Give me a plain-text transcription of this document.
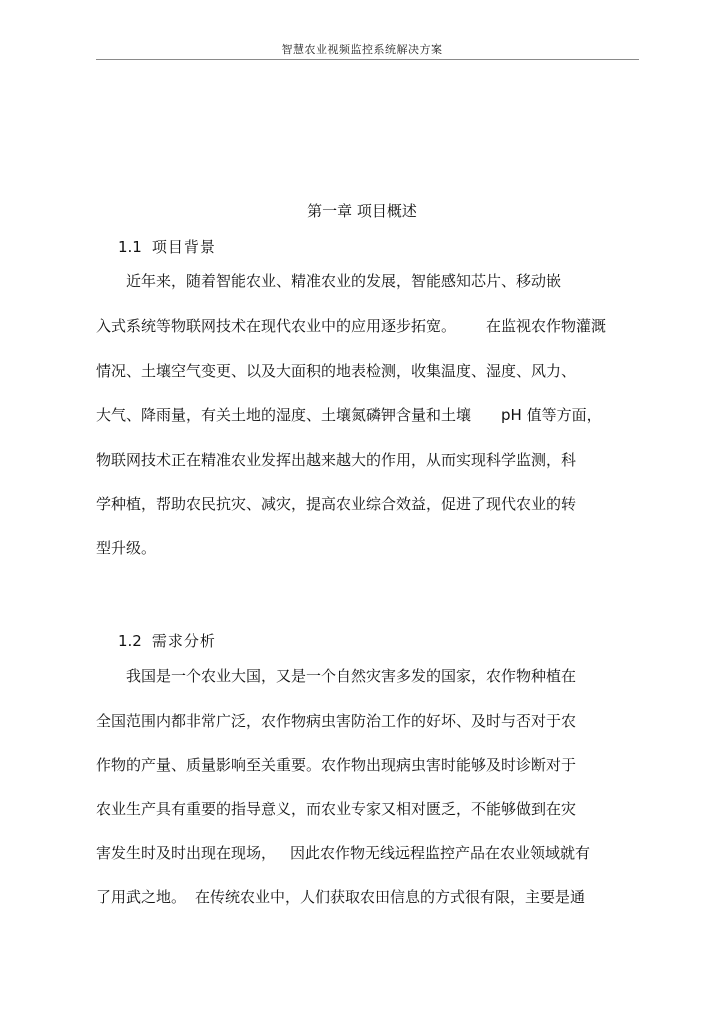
智慧农业视频监控系统解决方案
第一章 项目概述
1.1 项目背景
近年来，随着智能农业、精准农业的发展，智能感知芯片、移动嵌
入式系统等物联网技术在现代农业中的应用逐步拓宽。 在监视农作物灌溉
情况、土壤空气变更、以及大面积的地表检测，收集温度、湿度、风力、
大气、降雨量，有关土地的湿度、土壤氮磷钾含量和土壤 pH 值等方面，
物联网技术正在精准农业发挥出越来越大的作用，从而实现科学监测，科
学种植，帮助农民抗灾、减灾，提高农业综合效益，促进了现代农业的转
型升级。
1.2 需求分析
我国是一个农业大国，又是一个自然灾害多发的国家，农作物种植在
全国范围内都非常广泛，农作物病虫害防治工作的好坏、及时与否对于农
作物的产量、质量影响至关重要。农作物出现病虫害时能够及时诊断对于
农业生产具有重要的指导意义，而农业专家又相对匮乏，不能够做到在灾
害发生时及时出现在现场， 因此农作物无线远程监控产品在农业领域就有
了用武之地。 在传统农业中，人们获取农田信息的方式很有限，主要是通
